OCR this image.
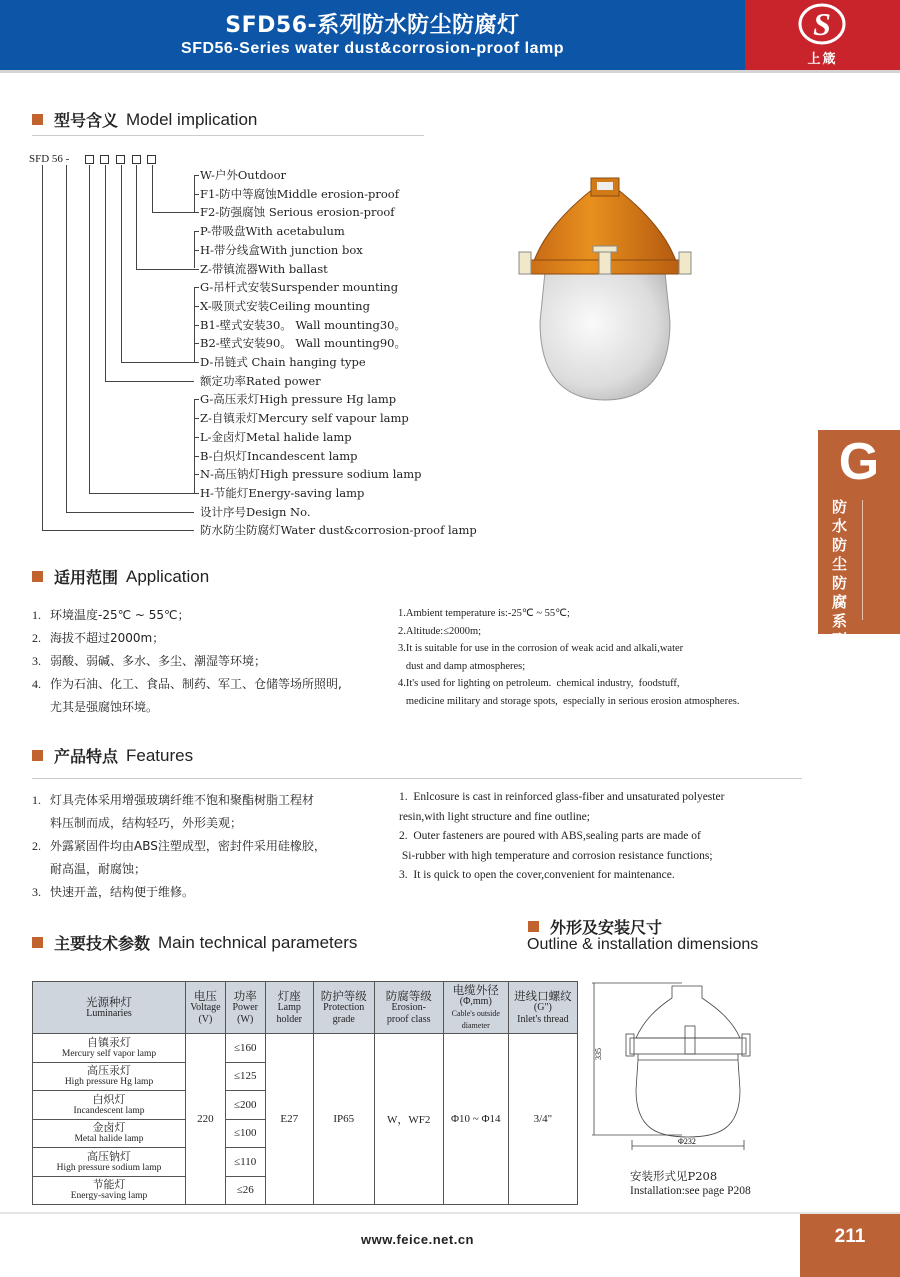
SFD56-系列防水防尘防腐灯
SFD56-Series water dust&corrosion-proof lamp
S
上箴
型号含义 Model implication
SFD 56 -
W-户外Outdoor
F1-防中等腐蚀Middle erosion-proof
F2-防强腐蚀 Serious erosion-proof
P-带吸盘With acetabulum
H-带分线盒With junction box
Z-带镇流器With ballast
G-吊杆式安装Surspender mounting
X-吸顶式安装Ceiling mounting
B1-壁式安装30。 Wall mounting30。
B2-壁式安装90。 Wall mounting90。
D-吊链式 Chain hanging type
额定功率Rated power
G-高压汞灯High pressure Hg lamp
Z-自镇汞灯Mercury self vapour lamp
L-金卤灯Metal halide lamp
B-白炽灯Incandescent lamp
N-高压钠灯High pressure sodium lamp
H-节能灯Energy-saving lamp
设计序号Design No.
防水防尘防腐灯Water dust&corrosion-proof lamp
G
防水防尘防腐系列
适用范围 Application
1. 环境温度-25℃ ~ 55℃；
2. 海拔不超过2000m；
3. 弱酸、弱碱、多水、多尘、潮湿等环境；
4. 作为石油、化工、食品、制药、军工、仓储等场所照明,
尤其是强腐蚀环境。
1.Ambient temperature is:-25℃ ~ 55℃;
2.Altitude:≤2000m;
3.It is suitable for use in the corrosion of weak acid and alkali,water
dust and damp atmospheres;
4.It's used for lighting on petroleum.  chemical industry,  foodstuff,
medicine military and storage spots,  especially in serious erosion atmospheres.
产品特点 Features
1. 灯具壳体采用增强玻璃纤维不饱和聚酯树脂工程材
料压制而成，结构轻巧，外形美观；
2. 外露紧固件均由ABS注塑成型，密封件采用硅橡胶，
耐高温，耐腐蚀；
3. 快速开盖，结构便于维修。
1.  Enlcosure is cast in reinforced glass-fiber and unsaturated polyester
resin,with light structure and fine outline;
2.  Outer fasteners are poured with ABS,sealing parts are made of
Si-rubber with high temperature and corrosion resistance functions;
3.  It is quick to open the cover,convenient for maintenance.
主要技术参数 Main technical parameters
外形及安装尺寸
Outline & installation dimensions
光源种灯
Luminaries	电压
Voltage
(V)	功率
Power
(W)	灯座
Lamp
holder	防护等级
Protection
grade	防腐等级
Erosion-
proof class	电缆外径
(Φ,mm)
Cable's outside
diameter	进线口螺纹
(G")
Inlet's thread

自镇汞灯
Mercury self vapor lamp	220	≤160	E27	IP65	W，WF2	Φ10 ~ Φ14	3/4"

高压汞灯
High pressure Hg lamp		≤125					

白炽灯
Incandescent lamp		≤200					

金卤灯
Metal halide lamp		≤100					

高压钠灯
High pressure sodium lamp		≤110					

节能灯
Energy-saving lamp		≤26					
335
Φ232
安装形式见P208
Installation:see page P208
www.feice.net.cn	211
